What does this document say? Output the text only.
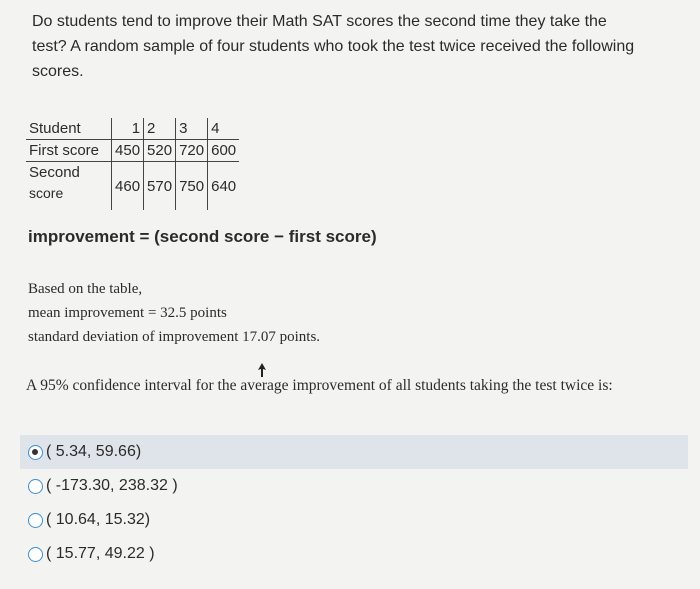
Do students tend to improve their Math SAT scores the second time they take the test? A random sample of four students who took the test twice received the following scores.
Student	1	2	3	4
First score	450	520	720	600

Second
score	460	570	750	640
improvement = (second score − first score)
Based on the table,
mean improvement = 32.5 points
standard deviation of improvement 17.07 points.
A 95% confidence interval for the average improvement of all students taking the test twice is:
( 5.34, 59.66)
( -173.30, 238.32 )
( 10.64, 15.32)
( 15.77, 49.22 )
